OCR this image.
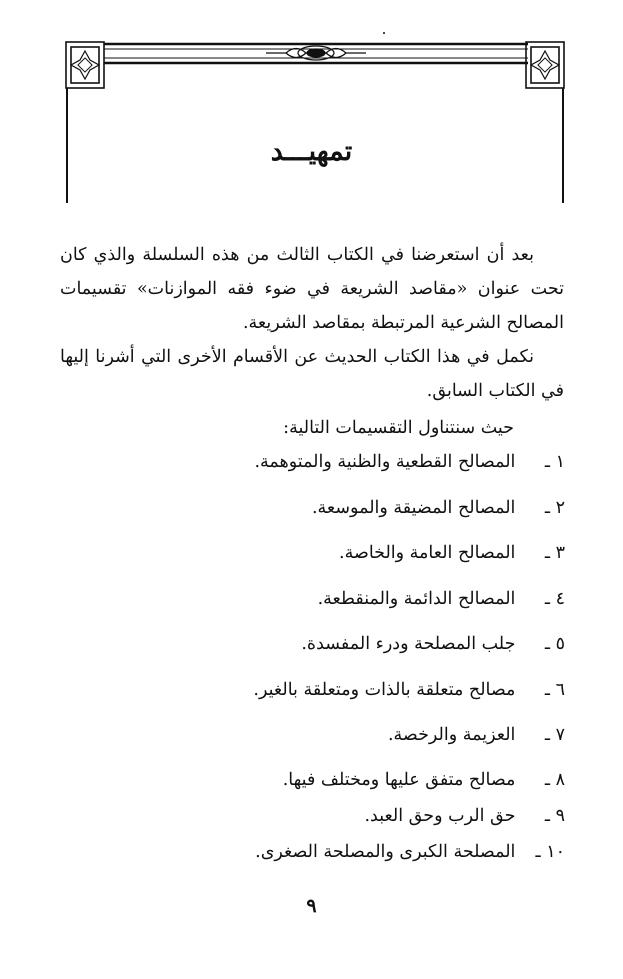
تمهيـــد

بعد أن استعرضنا في الكتاب الثالث من هذه السلسلة والذي كان تحت عنوان «مقاصد الشريعة في ضوء فقه الموازنات» تقسيمات المصالح الشرعية المرتبطة بمقاصد الشريعة.

نكمل في هذا الكتاب الحديث عن الأقسام الأخرى التي أشرنا إليها في الكتاب السابق.

حيث سنتناول التقسيمات التالية:
١ ـ المصالح القطعية والظنية والمتوهمة.
٢ ـ المصالح المضيقة والموسعة.
٣ ـ المصالح العامة والخاصة.
٤ ـ المصالح الدائمة والمنقطعة.
٥ ـ جلب المصلحة ودرء المفسدة.
٦ ـ مصالح متعلقة بالذات ومتعلقة بالغير.
٧ ـ العزيمة والرخصة.
٨ ـ مصالح متفق عليها ومختلف فيها.
٩ ـ حق الرب وحق العبد.
١٠ ـ المصلحة الكبرى والمصلحة الصغرى.
٩
